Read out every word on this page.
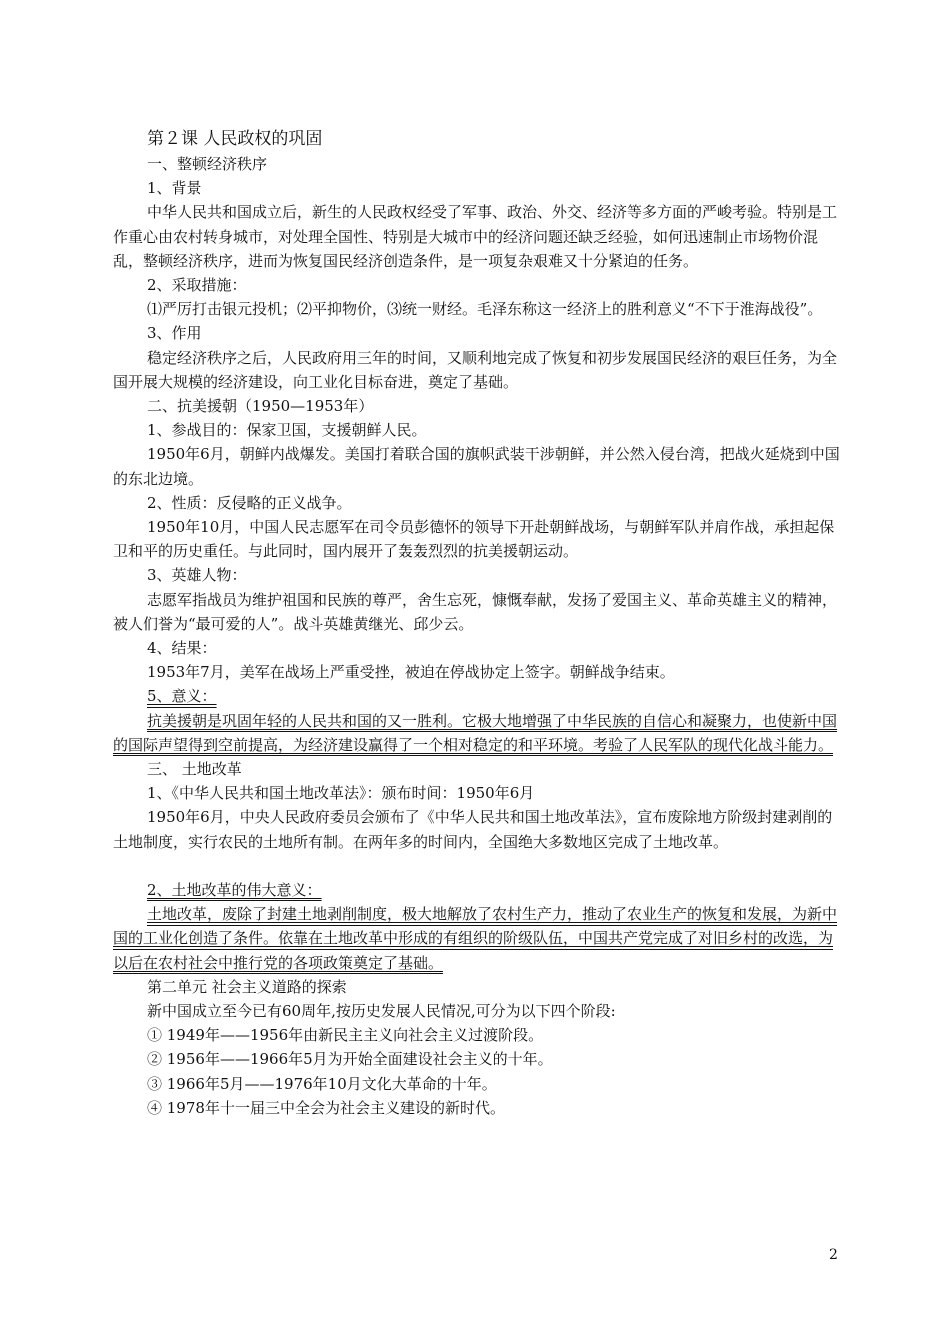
第２课 人民政权的巩固

一、整顿经济秩序

1、背景

中华人民共和国成立后，新生的人民政权经受了军事、政治、外交、经济等多方面的严峻考验。特别是工作重心由农村转身城市，对处理全国性、特别是大城市中的经济问题还缺乏经验，如何迅速制止市场物价混乱，整顿经济秩序，进而为恢复国民经济创造条件，是一项复杂艰难又十分紧迫的任务。

2、采取措施：

⑴严厉打击银元投机；⑵平抑物价，⑶统一财经。毛泽东称这一经济上的胜利意义“不下于淮海战役”。

3、作用

稳定经济秩序之后，人民政府用三年的时间，又顺利地完成了恢复和初步发展国民经济的艰巨任务，为全国开展大规模的经济建设，向工业化目标奋进，奠定了基础。

二、抗美援朝（1950—1953年）

1、参战目的：保家卫国，支援朝鲜人民。

1950年6月，朝鲜内战爆发。美国打着联合国的旗帜武装干涉朝鲜，并公然入侵台湾，把战火延烧到中国的东北边境。

2、性质：反侵略的正义战争。

1950年10月，中国人民志愿军在司令员彭德怀的领导下开赴朝鲜战场，与朝鲜军队并肩作战，承担起保卫和平的历史重任。与此同时，国内展开了轰轰烈烈的抗美援朝运动。

3、英雄人物：

志愿军指战员为维护祖国和民族的尊严，舍生忘死，慷慨奉献，发扬了爱国主义、革命英雄主义的精神，被人们誉为“最可爱的人”。战斗英雄黄继光、邱少云。

4、结果：

1953年7月，美军在战场上严重受挫，被迫在停战协定上签字。朝鲜战争结束。

5、意义：

抗美援朝是巩固年轻的人民共和国的又一胜利。它极大地增强了中华民族的自信心和凝聚力，也使新中国的国际声望得到空前提高，为经济建设赢得了一个相对稳定的和平环境。考验了人民军队的现代化战斗能力。

三、 土地改革

1、《中华人民共和国土地改革法》：颁布时间：1950年6月

1950年6月，中央人民政府委员会颁布了《中华人民共和国土地改革法》，宣布废除地方阶级封建剥削的土地制度，实行农民的土地所有制。在两年多的时间内，全国绝大多数地区完成了土地改革。

2、土地改革的伟大意义：

土地改革，废除了封建土地剥削制度，极大地解放了农村生产力，推动了农业生产的恢复和发展，为新中国的工业化创造了条件。依靠在土地改革中形成的有组织的阶级队伍，中国共产党完成了对旧乡村的改选，为以后在农村社会中推行党的各项政策奠定了基础。

第二单元 社会主义道路的探索

新中国成立至今已有60周年,按历史发展人民情况,可分为以下四个阶段:

① 1949年——1956年由新民主主义向社会主义过渡阶段。

② 1956年——1966年5月为开始全面建设社会主义的十年。

③ 1966年5月——1976年10月文化大革命的十年。

④ 1978年十一届三中全会为社会主义建设的新时代。

2
